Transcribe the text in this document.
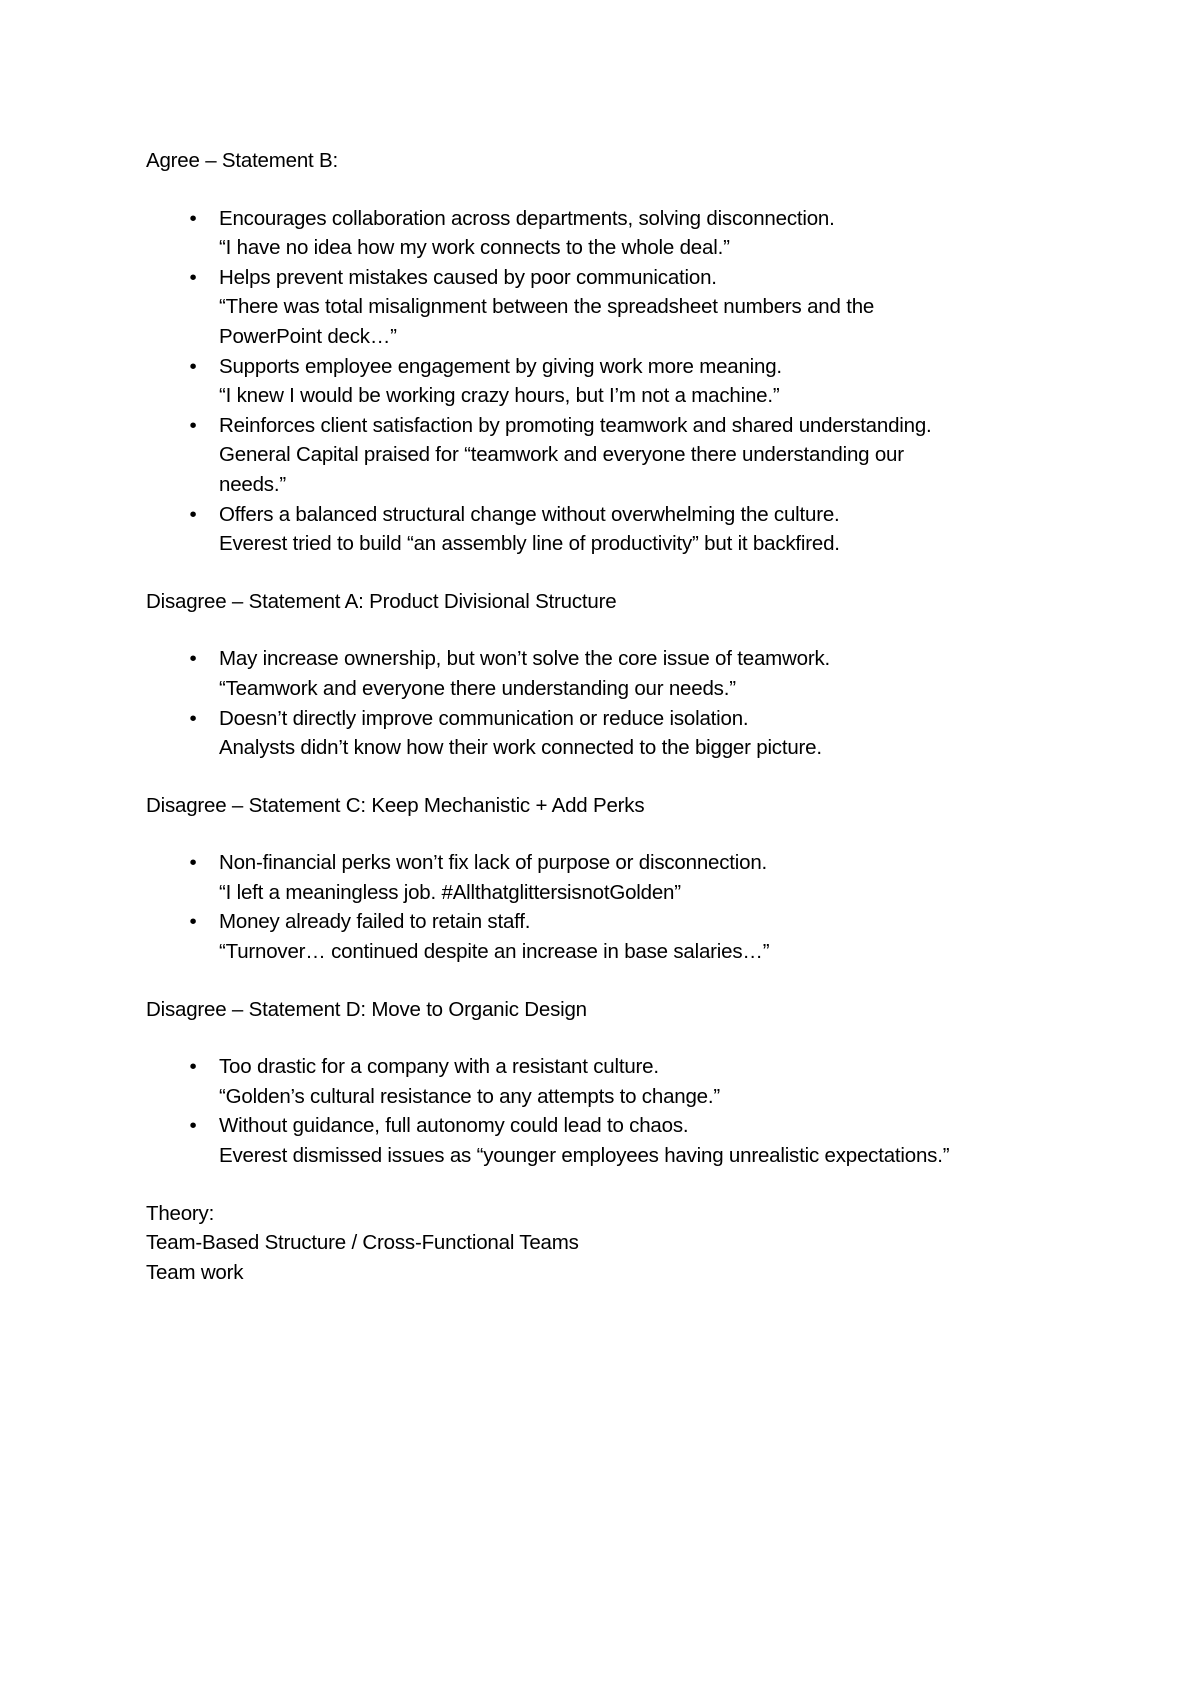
Agree – Statement B:

•	Encourages collaboration across departments, solving disconnection.
“I have no idea how my work connects to the whole deal.”
•	Helps prevent mistakes caused by poor communication.
“There was total misalignment between the spreadsheet numbers and the
PowerPoint deck…”
•	Supports employee engagement by giving work more meaning.
“I knew I would be working crazy hours, but I’m not a machine.”
•	Reinforces client satisfaction by promoting teamwork and shared understanding.
General Capital praised for “teamwork and everyone there understanding our
needs.”
•	Offers a balanced structural change without overwhelming the culture.
Everest tried to build “an assembly line of productivity” but it backfired.

Disagree – Statement A: Product Divisional Structure

•	May increase ownership, but won’t solve the core issue of teamwork.
“Teamwork and everyone there understanding our needs.”
•	Doesn’t directly improve communication or reduce isolation.
Analysts didn’t know how their work connected to the bigger picture.

Disagree – Statement C: Keep Mechanistic + Add Perks

•	Non-financial perks won’t fix lack of purpose or disconnection.
“I left a meaningless job. #AllthatglittersisnotGolden”
•	Money already failed to retain staff.
“Turnover… continued despite an increase in base salaries…”

Disagree – Statement D: Move to Organic Design

•	Too drastic for a company with a resistant culture.
“Golden’s cultural resistance to any attempts to change.”
•	Without guidance, full autonomy could lead to chaos.
Everest dismissed issues as “younger employees having unrealistic expectations.”
Theory:
Team-Based Structure / Cross-Functional Teams
Team work
